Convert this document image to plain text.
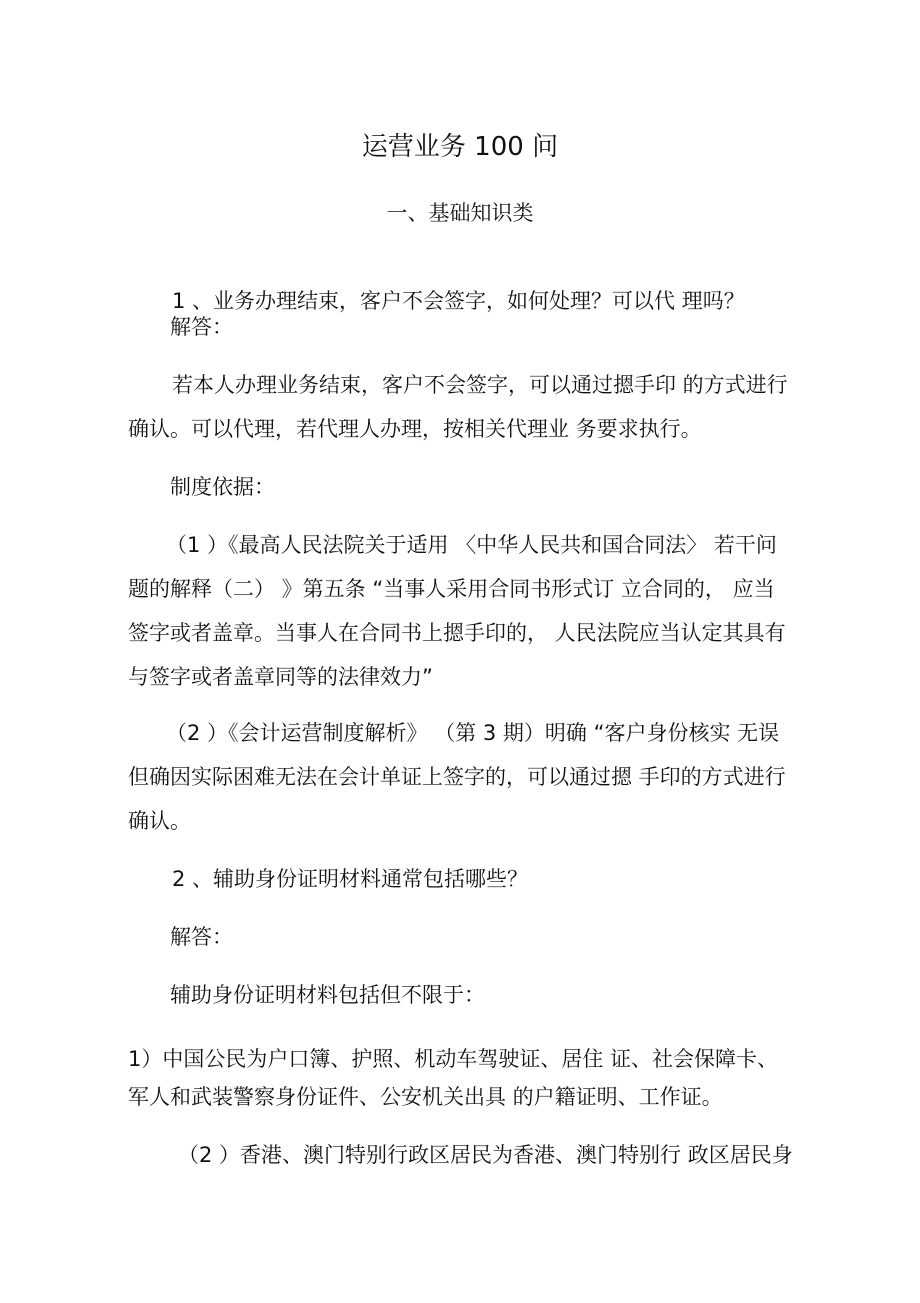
运营业务 100 问
一、基础知识类
1 、业务办理结束，客户不会签字，如何处理？可以代 理吗？
解答：
若本人办理业务结束，客户不会签字，可以通过摁手印 的方式进行
确认。可以代理，若代理人办理，按相关代理业 务要求执行。
制度依据：
（1 ）《最高人民法院关于适用 〈中华人民共和国合同法〉 若干问
题的解释（二） 》第五条 “当事人采用合同书形式订 立合同的， 应当
签字或者盖章。当事人在合同书上摁手印的， 人民法院应当认定其具有
与签字或者盖章同等的法律效力”
（2 ）《会计运营制度解析》 （第 3 期）明确 “客户身份核实 无误
但确因实际困难无法在会计单证上签字的，可以通过摁 手印的方式进行
确认。
2 、辅助身份证明材料通常包括哪些？
解答：
辅助身份证明材料包括但不限于：
1）中国公民为户口簿、护照、机动车驾驶证、居住 证、社会保障卡、
军人和武装警察身份证件、公安机关出具 的户籍证明、工作证。
（2 ）香港、澳门特别行政区居民为香港、澳门特别行 政区居民身
